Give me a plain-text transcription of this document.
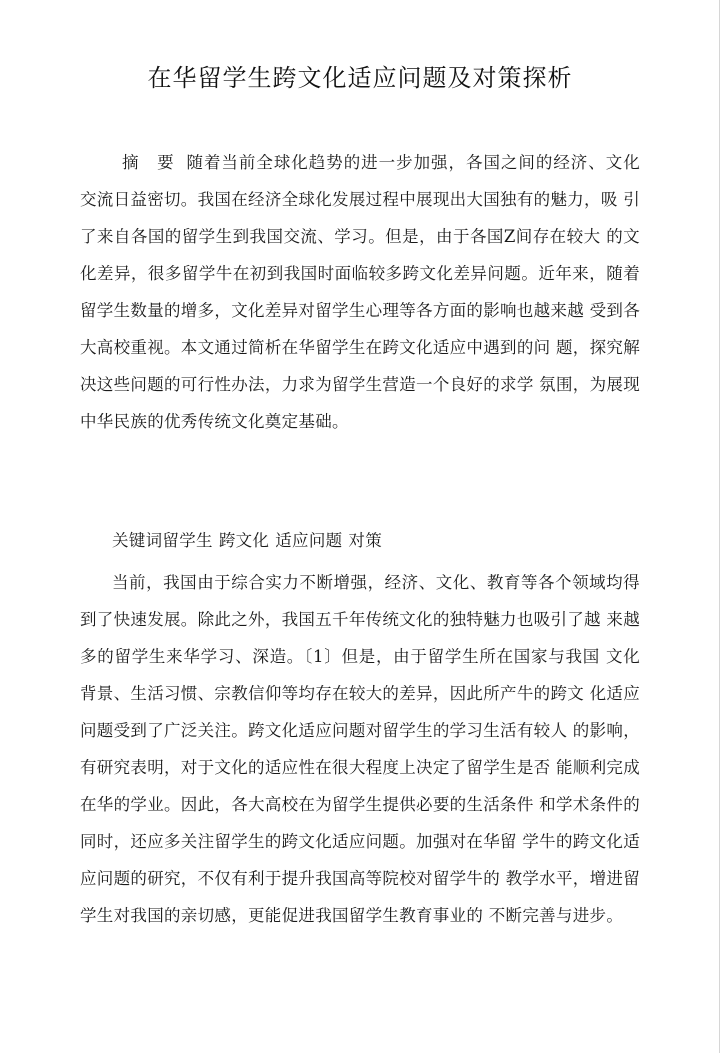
在华留学生跨文化适应问题及对策探析

摘 要 随着当前全球化趋势的进一步加强，各国之间的经济、文化 交流日益密切。我国在经济全球化发展过程中展现出大国独有的魅力，吸 引了来自各国的留学生到我国交流、学习。但是，由于各国Z间存在较大 的文化差异，很多留学牛在初到我国时面临较多跨文化差异问题。近年来，随着留学生数量的增多，文化差异对留学生心理等各方面的影响也越来越 受到各大高校重视。本文通过简析在华留学生在跨文化适应中遇到的问 题，探究解决这些问题的可行性办法，力求为留学生营造一个良好的求学 氛围，为展现中华民族的优秀传统文化奠定基础。

关键词留学生 跨文化 适应问题 对策

当前，我国由于综合实力不断增强，经济、文化、教育等各个领域均得到了快速发展。除此之外，我国五千年传统文化的独特魅力也吸引了越 来越多的留学生来华学习、深造。〔1〕但是，由于留学生所在国家与我国 文化背景、生活习惯、宗教信仰等均存在较大的差异，因此所产牛的跨文 化适应问题受到了广泛关注。跨文化适应问题对留学生的学习生活有较人 的影响，有研究表明，对于文化的适应性在很大程度上决定了留学生是否 能顺利完成在华的学业。因此，各大高校在为留学生提供必要的生活条件 和学术条件的同时，还应多关注留学生的跨文化适应问题。加强对在华留 学牛的跨文化适应问题的研究，不仅有利于提升我国高等院校对留学牛的 教学水平，增进留学生对我国的亲切感，更能促进我国留学生教育事业的 不断完善与进步。
